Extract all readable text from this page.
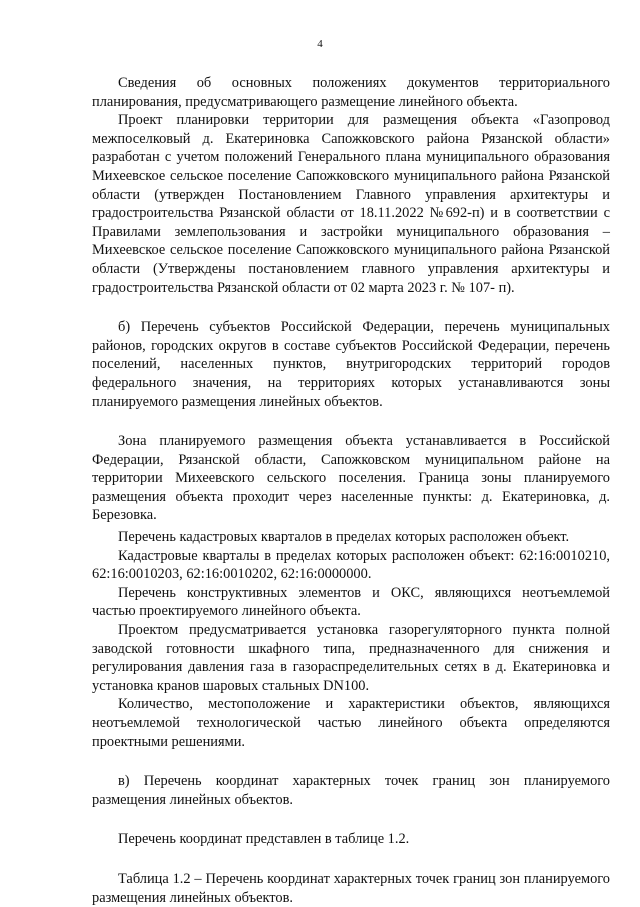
4

Сведения об основных положениях документов территориального планирования, предусматривающего размещение линейного объекта.

Проект планировки территории для размещения объекта «Газопровод межпоселковый д. Екатериновка Сапожковского района Рязанской области» разработан с учетом положений Генерального плана муниципального образования Михеевское сельское поселение Сапожковского муниципального района Рязанской области (утвержден Постановлением Главного управления архитектуры и градостроительства Рязанской области от 18.11.2022 №692-п) и в соответствии с Правилами землепользования и застройки муниципального образования – Михеевское сельское поселение Сапожковского муниципального района Рязанской области (Утверждены постановлением главного управления архитектуры и градостроительства Рязанской области от 02 марта 2023 г. № 107- п).

б) Перечень субъектов Российской Федерации, перечень муниципальных районов, городских округов в составе субъектов Российской Федерации, перечень поселений, населенных пунктов, внутригородских территорий городов федерального значения, на территориях которых устанавливаются зоны планируемого размещения линейных объектов.

Зона планируемого размещения объекта устанавливается в Российской Федерации, Рязанской области, Сапожковском муниципальном районе на территории Михеевского сельского поселения. Граница зоны планируемого размещения объекта проходит через населенные пункты: д. Екатериновка, д. Березовка.

Перечень кадастровых кварталов в пределах которых расположен объект.

Кадастровые кварталы в пределах которых расположен объект: 62:16:0010210, 62:16:0010203, 62:16:0010202, 62:16:0000000.

Перечень конструктивных элементов и ОКС, являющихся неотъемлемой частью проектируемого линейного объекта.

Проектом предусматривается установка газорегуляторного пункта полной заводской готовности шкафного типа, предназначенного для снижения и регулирования давления газа в газораспределительных сетях в д. Екатериновка и установка кранов шаровых стальных DN100.

Количество, местоположение и характеристики объектов, являющихся неотъемлемой технологической частью линейного объекта определяются проектными решениями.

в) Перечень координат характерных точек границ зон планируемого размещения линейных объектов.

Перечень координат представлен в таблице 1.2.

Таблица 1.2 – Перечень координат характерных точек границ зон планируемого размещения линейных объектов.
